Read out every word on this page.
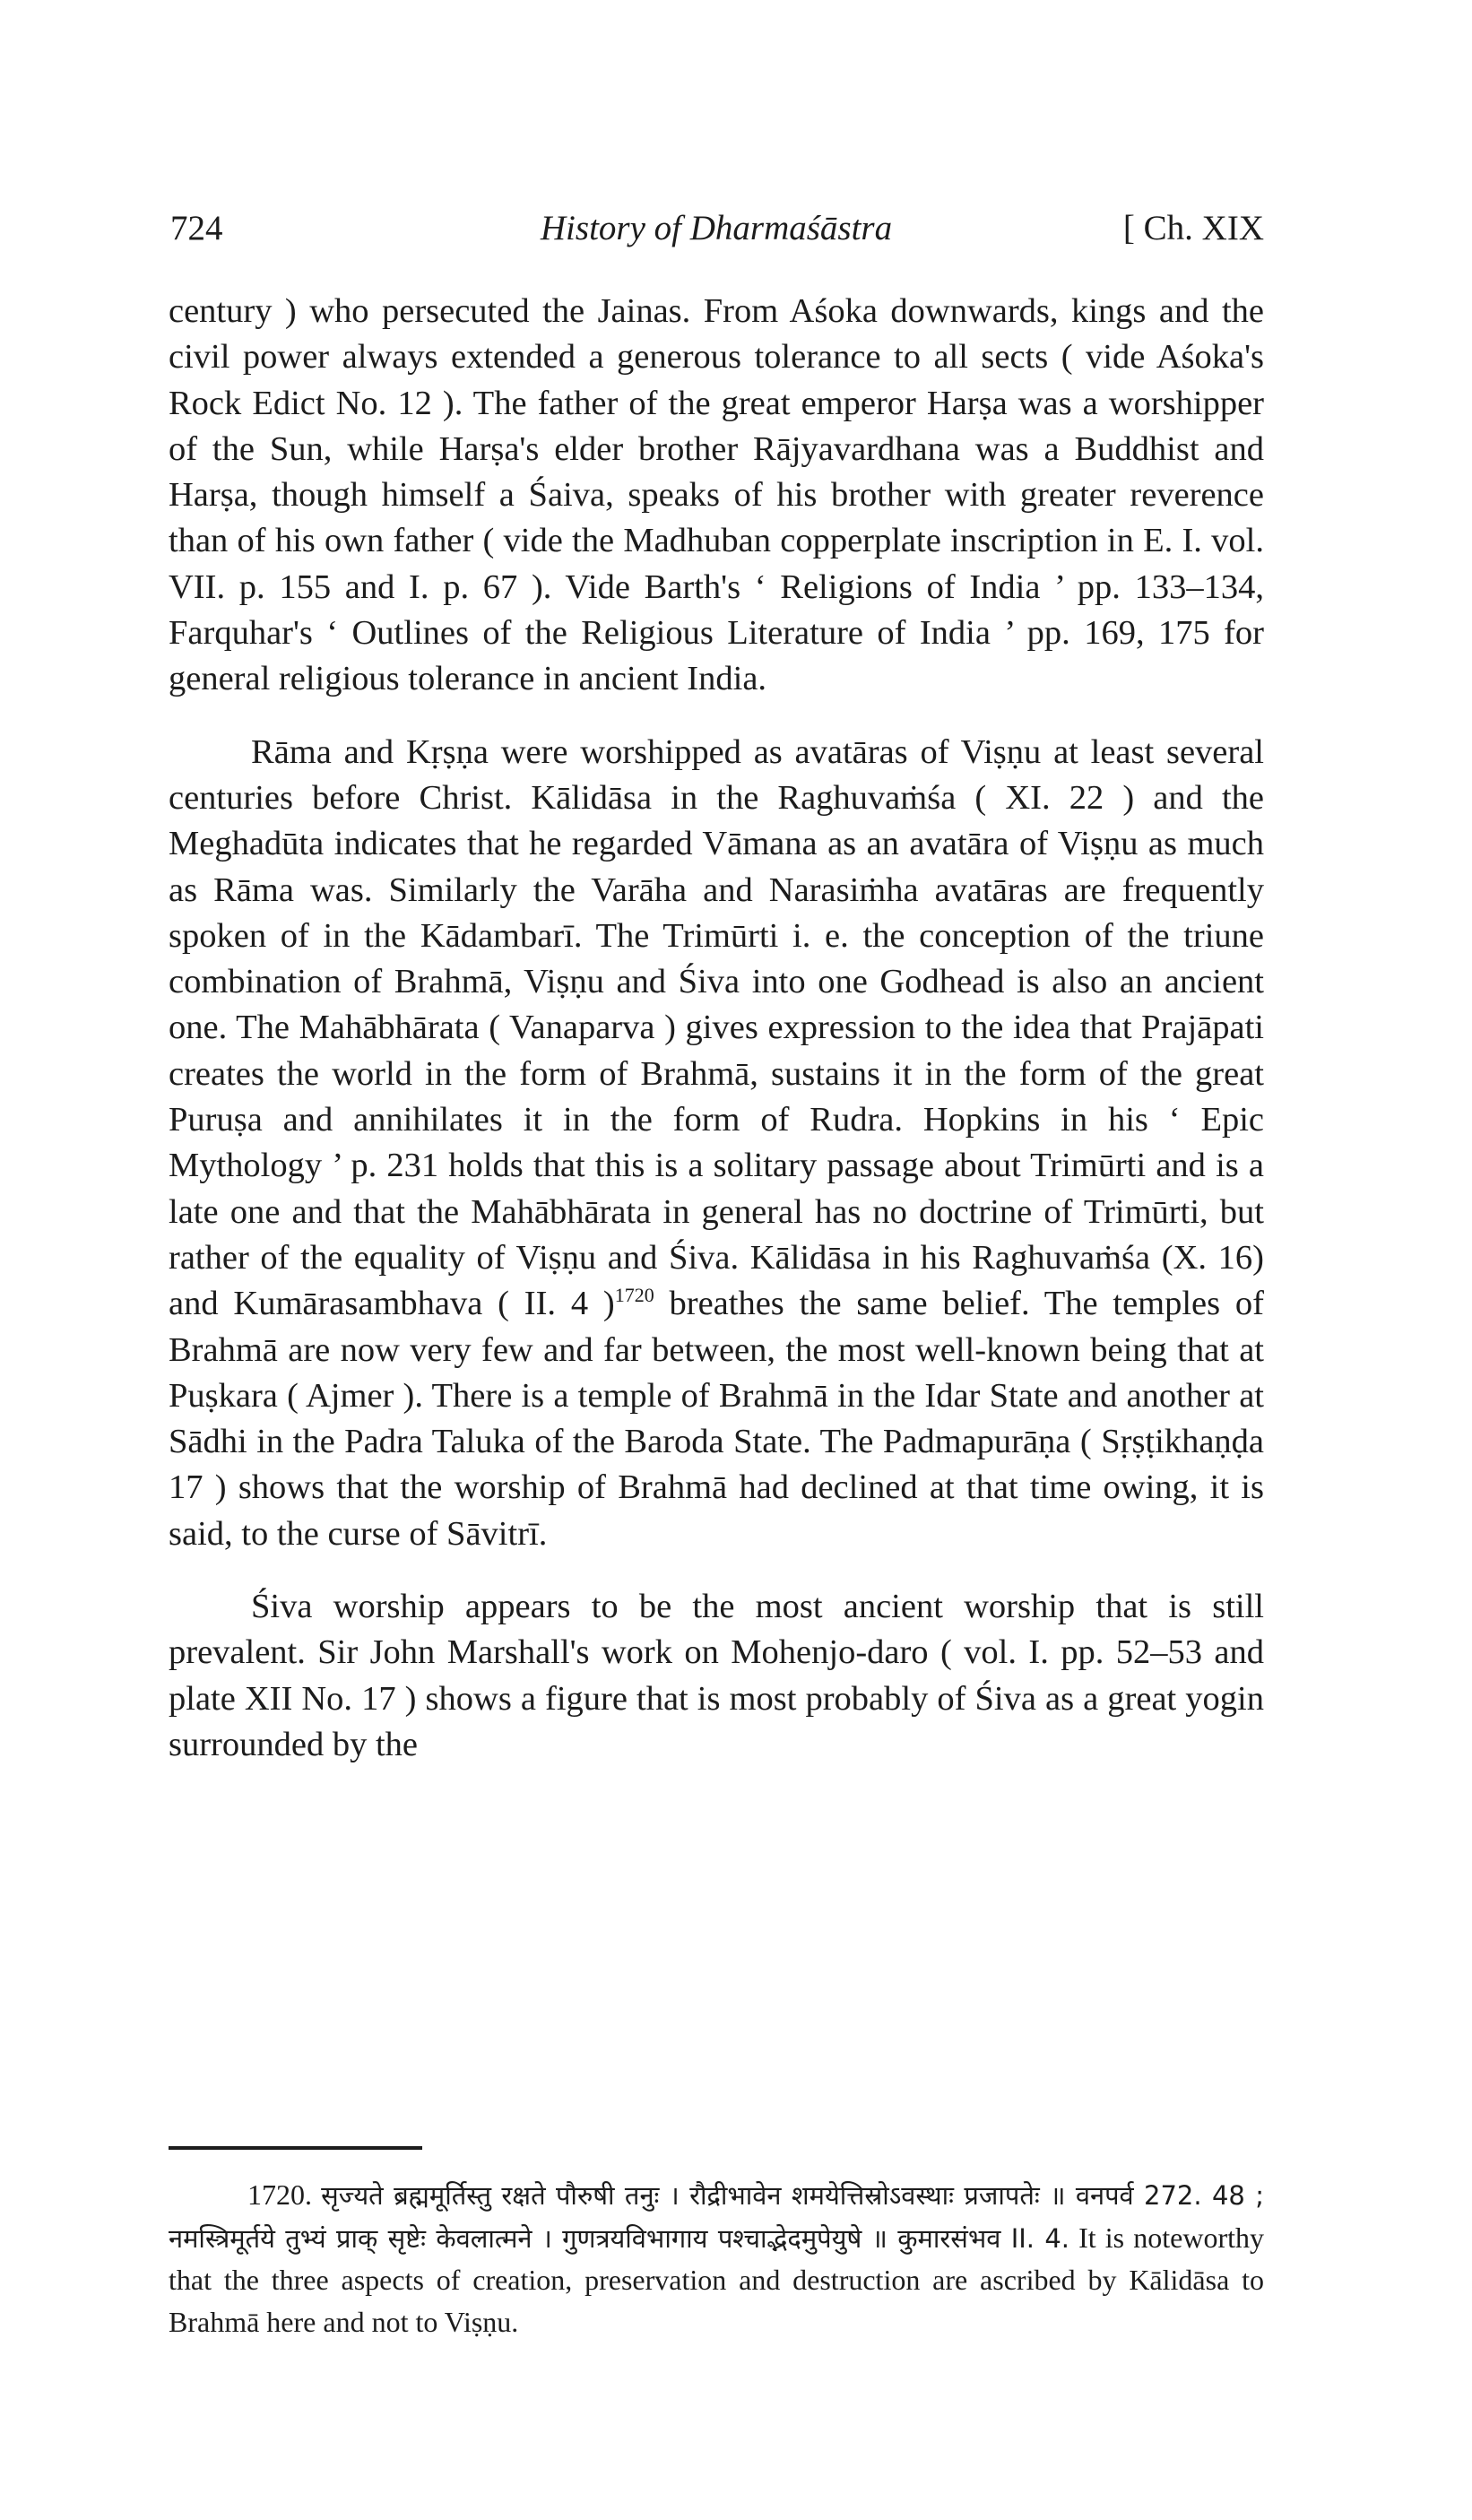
724	History of Dharmaśāstra	[ Ch. XIX

century ) who persecuted the Jainas. From Aśoka downwards, kings and the civil power always extended a generous tolerance to all sects ( vide Aśoka's Rock Edict No. 12 ). The father of the great emperor Harṣa was a worshipper of the Sun, while Harṣa's elder brother Rājyavardhana was a Buddhist and Harṣa, though himself a Śaiva, speaks of his brother with greater reverence than of his own father ( vide the Madhuban copperplate inscription in E. I. vol. VII. p. 155 and I. p. 67 ). Vide Barth's ‘ Religions of India ’ pp. 133–134, Farquhar's ‘ Outlines of the Religious Literature of India ’ pp. 169, 175 for general religious tolerance in ancient India.

Rāma and Kṛṣṇa were worshipped as avatāras of Viṣṇu at least several centuries before Christ. Kālidāsa in the Raghuvaṁśa ( XI. 22 ) and the Meghadūta indicates that he regarded Vāmana as an avatāra of Viṣṇu as much as Rāma was. Similarly the Varāha and Narasiṁha avatāras are frequently spoken of in the Kādambarī. The Trimūrti i. e. the conception of the triune combination of Brahmā, Viṣṇu and Śiva into one Godhead is also an ancient one. The Mahābhārata ( Vanaparva ) gives expression to the idea that Prajāpati creates the world in the form of Brahmā, sustains it in the form of the great Puruṣa and annihilates it in the form of Rudra. Hopkins in his ‘ Epic Mythology ’ p. 231 holds that this is a solitary passage about Trimūrti and is a late one and that the Mahābhārata in general has no doctrine of Trimūrti, but rather of the equality of Viṣṇu and Śiva. Kālidāsa in his Raghuvaṁśa (X. 16) and Kumārasambhava ( II. 4 )$^{1720}$ breathes the same belief. The temples of Brahmā are now very few and far between, the most well-known being that at Puṣkara ( Ajmer ). There is a temple of Brahmā in the Idar State and another at Sādhi in the Padra Taluka of the Baroda State. The Padmapurāṇa ( Sṛṣṭikhaṇḍa 17 ) shows that the worship of Brahmā had declined at that time owing, it is said, to the curse of Sāvitrī.

Śiva worship appears to be the most ancient worship that is still prevalent. Sir John Marshall's work on Mohenjo-daro ( vol. I. pp. 52–53 and plate XII No. 17 ) shows a figure that is most probably of Śiva as a great yogin surrounded by the

1720. सृज्यते ब्रह्ममूर्तिस्तु रक्षते पौरुषी तनुः । रौद्रीभावेन शमयेत्तिस्रोऽवस्थाः प्रजापतेः ॥ वनपर्व 272. 48 ; नमस्त्रिमूर्तये तुभ्यं प्राक् सृष्टेः केवलात्मने । गुणत्रयविभागाय पश्चाद्भेदमुपेयुषे ॥ कुमारसंभव II. 4. It is noteworthy that the three aspects of creation, preservation and destruction are ascribed by Kālidāsa to Brahmā here and not to Viṣṇu.
